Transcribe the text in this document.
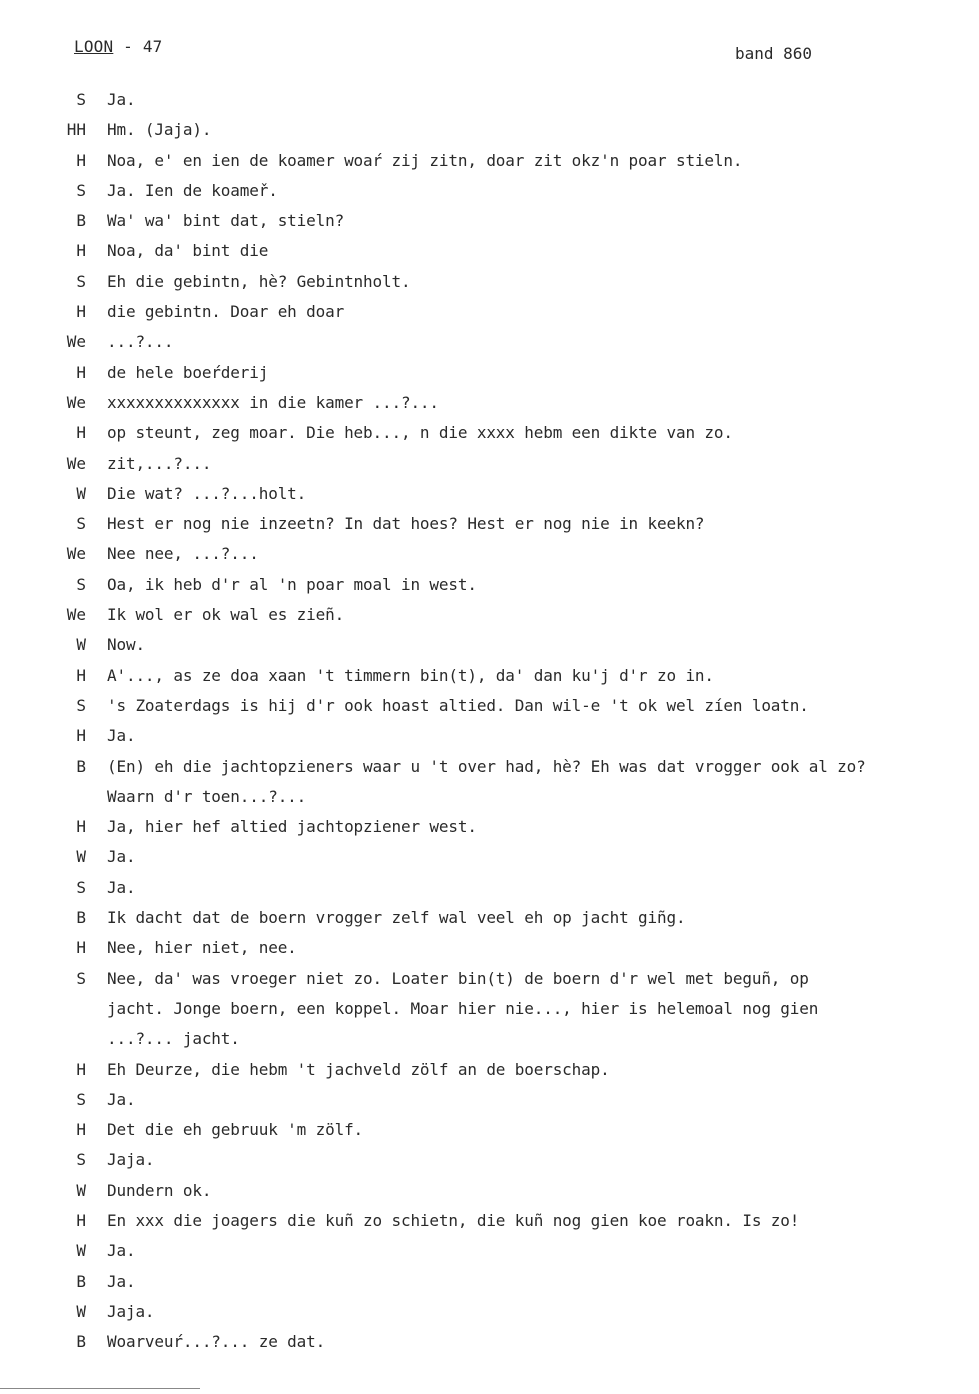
LOON - 47	band 860
S Ja.
HH Hm. (Jaja).
H Noa, e' en ien de koamer woaŕ zij zitn, doar zit okz'n poar stieln.
S Ja. Ien de koameř.
B Wa' wa' bint dat, stieln?
H Noa, da' bint die
S Eh die gebintn, hè? Gebintnholt.
H die gebintn. Doar eh doar
We ...?...
H de hele boeŕderij
We xxxxxxxxxxxxxx in die kamer ...?...
H op steunt, zeg moar. Die heb..., n die xxxx hebm een dikte van zo.
We zit,...?...
W Die wat? ...?...holt.
S Hest er nog nie inzeetn? In dat hoes? Hest er nog nie in keekn?
We Nee nee, ...?...
S Oa, ik heb d'r al 'n poar moal in west.
We Ik wol er ok wal es zieñ.
W Now.
H A'..., as ze doa xaan 't timmern bin(t), da' dan ku'j d'r zo in.
S 's Zoaterdags is hij d'r ook hoast altied. Dan wil-e 't ok wel zíen loatn.
H Ja.
B (En) eh die jachtopzieners waar u 't over had, hè? Eh was dat vrogger ook al zo?
Waarn d'r toen...?...
H Ja, hier hef altied jachtopziener west.
W Ja.
S Ja.
B Ik dacht dat de boern vrogger zelf wal veel eh op jacht giñg.
H Nee, hier niet, nee.
S Nee, da' was vroeger niet zo. Loater bin(t) de boern d'r wel met beguñ, op
jacht. Jonge boern, een koppel. Moar hier nie..., hier is helemoal nog gien
...?... jacht.
H Eh Deurze, die hebm 't jachveld zölf an de boerschap.
S Ja.
H Det die eh gebruuk 'm zölf.
S Jaja.
W Dundern ok.
H En xxx die joagers die kuñ zo schietn, die kuñ nog gien koe roakn. Is zo!
W Ja.
B Ja.
W Jaja.
B Woarveuŕ...?... ze dat.
